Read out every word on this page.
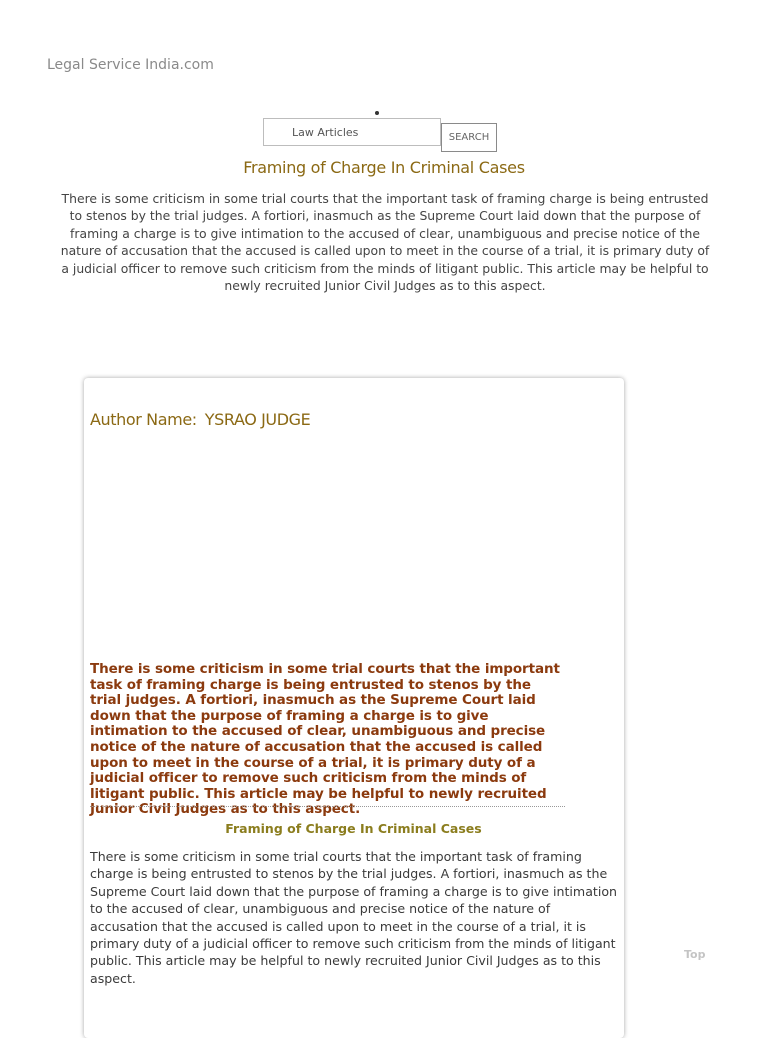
Legal Service India.com
Law Articles
SEARCH
Framing of Charge In Criminal Cases

There is some criticism in some trial courts that the important task of framing charge is being entrusted to stenos by the trial judges. A fortiori, inasmuch as the Supreme Court laid down that the purpose of framing a charge is to give intimation to the accused of clear, unambiguous and precise notice of the nature of accusation that the accused is called upon to meet in the course of a trial, it is primary duty of a judicial officer to remove such criticism from the minds of litigant public. This article may be helpful to newly recruited Junior Civil Judges as to this aspect.

Author Name: YSRAO JUDGE

There is some criticism in some trial courts that the important task of framing charge is being entrusted to stenos by the trial judges. A fortiori, inasmuch as the Supreme Court laid down that the purpose of framing a charge is to give intimation to the accused of clear, unambiguous and precise notice of the nature of accusation that the accused is called upon to meet in the course of a trial, it is primary duty of a judicial officer to remove such criticism from the minds of litigant public. This article may be helpful to newly recruited Junior Civil Judges as to this aspect.

Framing of Charge In Criminal Cases

There is some criticism in some trial courts that the important task of framing charge is being entrusted to stenos by the trial judges. A fortiori, inasmuch as the Supreme Court laid down that the purpose of framing a charge is to give intimation to the accused of clear, unambiguous and precise notice of the nature of accusation that the accused is called upon to meet in the course of a trial, it is primary duty of a judicial officer to remove such criticism from the minds of litigant public. This article may be helpful to newly recruited Junior Civil Judges as to this aspect.

Top
